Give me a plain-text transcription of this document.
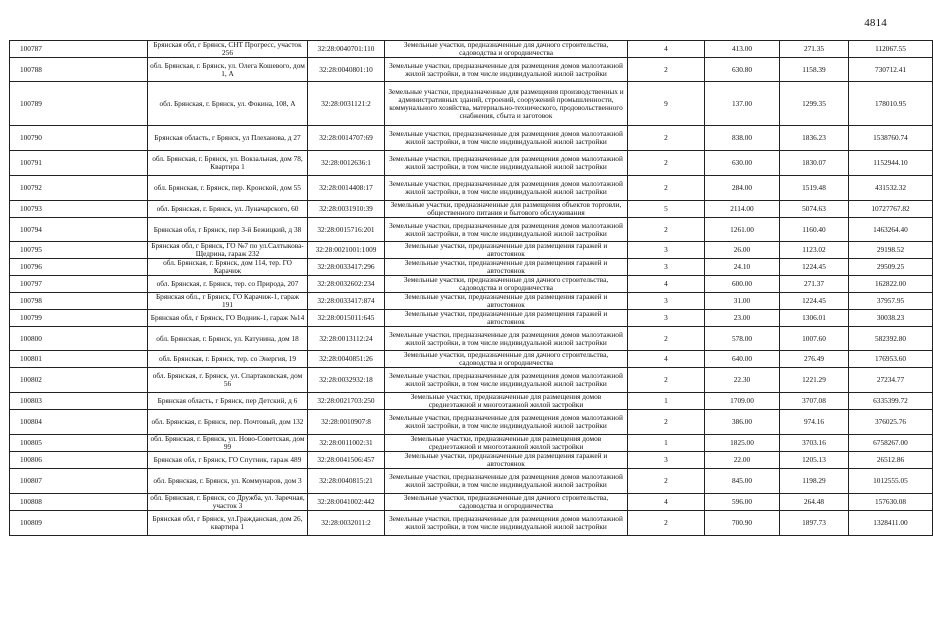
4814
100787	Брянская обл, г Брянск, СНТ Прогресс, участок 256	32:28:0040701:110	Земельные участки, предназначенные для дачного строительства, садоводства и огородничества	4	413.00	271.35	112067.55
100788	обл. Брянская, г. Брянск, ул. Олега Кошевого, дом 1, А	32:28:0040801:10	Земельные участки, предназначенные для размещения домов малоэтажной жилой застройки, в том числе индивидуальной жилой застройки	2	630.80	1158.39	730712.41
100789	обл. Брянская, г. Брянск, ул. Фокина, 108, А	32:28:0031121:2	Земельные участки, предназначенные для размещения производственных и административных зданий, строений, сооружений промышленности, коммунального хозяйства, материально-технического, продовольственного снабжения, сбыта и заготовок	9	137.00	1299.35	178010.95
100790	Брянская область, г Брянск, ул Плеханова, д 27	32:28:0014707:69	Земельные участки, предназначенные для размещения домов малоэтажной жилой застройки, в том числе индивидуальной жилой застройки	2	838.00	1836.23	1538760.74
100791	обл. Брянская, г. Брянск, ул. Вокзальная, дом 78, Квартира 1	32:28:0012636:1	Земельные участки, предназначенные для размещения домов малоэтажной жилой застройки, в том числе индивидуальной жилой застройки	2	630.00	1830.07	1152944.10
100792	обл. Брянская, г. Брянск, пер. Кронской, дом 55	32:28:0014408:17	Земельные участки, предназначенные для размещения домов малоэтажной жилой застройки, в том числе индивидуальной жилой застройки	2	284.00	1519.48	431532.32
100793	обл. Брянская, г. Брянск, ул. Луначарского, 60	32:28:0031910:39	Земельные участки, предназначенные для размещения объектов торговли, общественного питания и бытового обслуживания	5	2114.00	5074.63	10727767.82
100794	Брянская обл, г Брянск, пер 3-й Бежицкий, д 38	32:28:0015716:201	Земельные участки, предназначенные для размещения домов малоэтажной жилой застройки, в том числе индивидуальной жилой застройки	2	1261.00	1160.40	1463264.40
100795	Брянская обл, г Брянск, ГО №7 по ул.Салтыкова-Щедрина, гараж 232	32:28:0021001:1009	Земельные участки, предназначенные для размещения гаражей и автостоянок	3	26.00	1123.02	29198.52
100796	обл. Брянская, г. Брянск, дом 114, тер. ГО Карачиж	32:28:0033417:296	Земельные участки, предназначенные для размещения гаражей и автостоянок	3	24.10	1224.45	29509.25
100797	обл. Брянская, г. Брянск, тер. со Природа, 207	32:28:0032602:234	Земельные участки, предназначенные для дачного строительства, садоводства и огородничества	4	600.00	271.37	162822.00
100798	Брянская обл., г Брянск, ГО Карачиж-1, гараж 191	32:28:0033417:874	Земельные участки, предназначенные для размещения гаражей и автостоянок	3	31.00	1224.45	37957.95
100799	Брянская обл, г Брянск, ГО Водник-1, гараж №14	32:28:0015011:645	Земельные участки, предназначенные для размещения гаражей и автостоянок	3	23.00	1306.01	30038.23
100800	обл. Брянская, г. Брянск, ул. Катунина, дом 18	32:28:0013112:24	Земельные участки, предназначенные для размещения домов малоэтажной жилой застройки, в том числе индивидуальной жилой застройки	2	578.00	1007.60	582392.80
100801	обл. Брянская, г. Брянск, тер. со Энергия, 19	32:28:0040851:26	Земельные участки, предназначенные для дачного строительства, садоводства и огородничества	4	640.00	276.49	176953.60
100802	обл. Брянская, г. Брянск, ул. Спартаковская, дом 56	32:28:0032932:18	Земельные участки, предназначенные для размещения домов малоэтажной жилой застройки, в том числе индивидуальной жилой застройки	2	22.30	1221.29	27234.77
100803	Брянская область, г Брянск, пер Детский, д 6	32:28:0021703:250	Земельные участки, предназначенные для размещения домов среднеэтажной и многоэтажной жилой застройки	1	1709.00	3707.08	6335399.72
100804	обл. Брянская, г. Брянск, пер. Почтовый, дом 132	32:28:0010907:8	Земельные участки, предназначенные для размещения домов малоэтажной жилой застройки, в том числе индивидуальной жилой застройки	2	386.00	974.16	376025.76
100805	обл. Брянская, г. Брянск, ул. Ново-Советская, дом 99	32:28:0011002:31	Земельные участки, предназначенные для размещения домов среднеэтажной и многоэтажной жилой застройки	1	1825.00	3703.16	6758267.00
100806	Брянская обл, г Брянск, ГО Спутник, гараж 489	32:28:0041506:457	Земельные участки, предназначенные для размещения гаражей и автостоянок	3	22.00	1205.13	26512.86
100807	обл. Брянская, г. Брянск, ул. Коммунаров, дом 3	32:28:0040815:21	Земельные участки, предназначенные для размещения домов малоэтажной жилой застройки, в том числе индивидуальной жилой застройки	2	845.00	1198.29	1012555.05
100808	обл. Брянская, г. Брянск, со Дружба, ул. Заречная, участок 3	32:28:0041002:442	Земельные участки, предназначенные для дачного строительства, садоводства и огородничества	4	596.00	264.48	157630.08
100809	Брянская обл, г Брянск, ул.Гражданская, дом 26, квартира 1	32:28:0032011:2	Земельные участки, предназначенные для размещения домов малоэтажной жилой застройки, в том числе индивидуальной жилой застройки	2	700.90	1897.73	1328411.00
